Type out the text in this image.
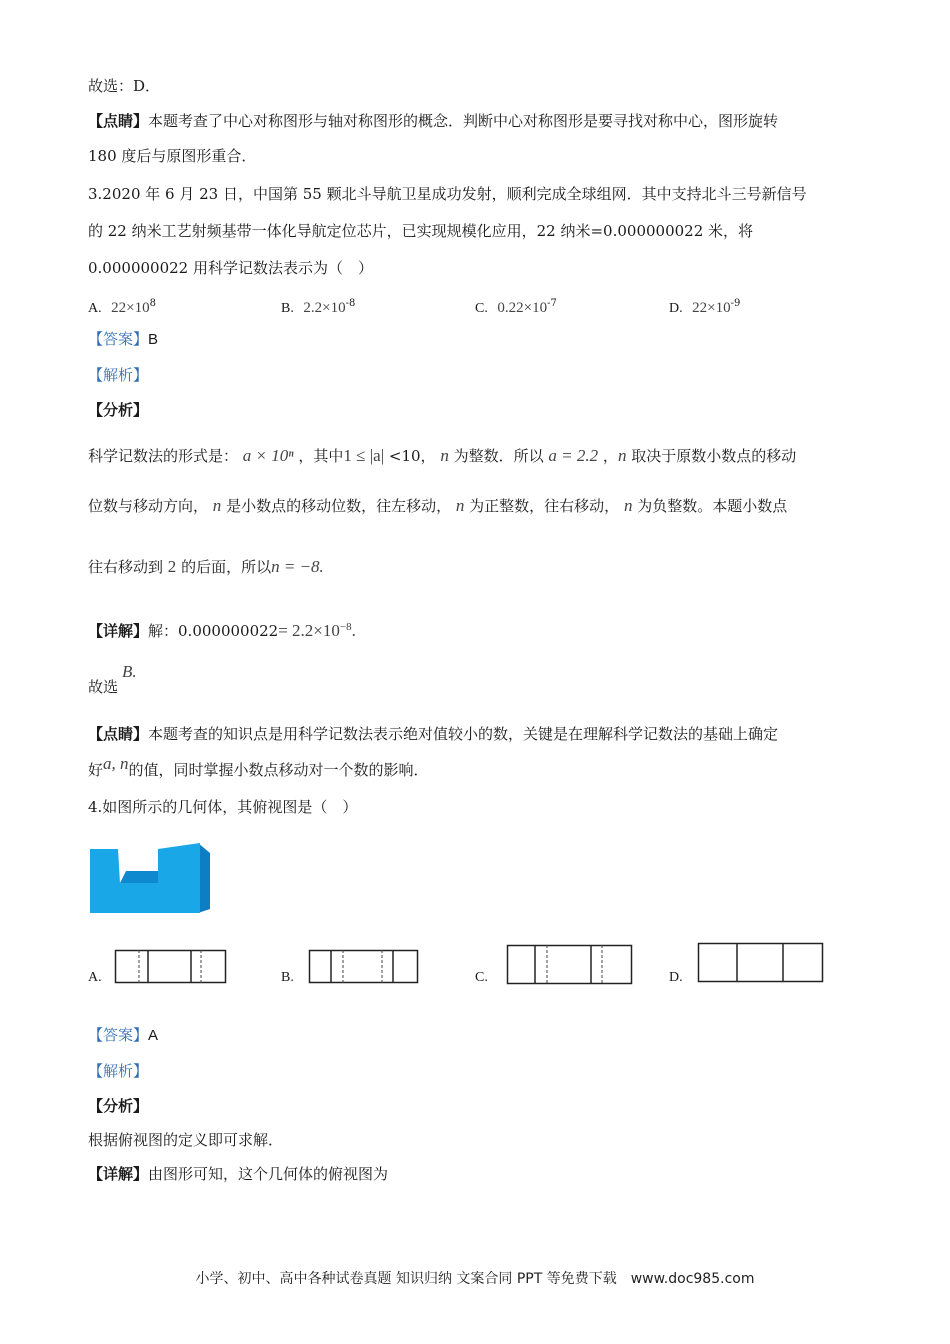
故选：D．
【点睛】本题考查了中心对称图形与轴对称图形的概念．判断中心对称图形是要寻找对称中心，图形旋转
180 度后与原图形重合．
3.2020 年 6 月 23 日，中国第 55 颗北斗导航卫星成功发射，顺利完成全球组网．其中支持北斗三号新信号
的 22 纳米工艺射频基带一体化导航定位芯片，已实现规模化应用，22 纳米=0.000000022 米，将
0.000000022 用科学记数法表示为（　）
A. $22\times 10^8$	B. $2.2\times 10^{-8}$	C. $0.22\times 10^{-7}$	D. $22\times 10^{-9}$
【答案】B
【解析】
【分析】
科学记数法的形式是： a × 10ⁿ ，其中1 ≤ |a| <10， n 为整数．所以 a = 2.2 ，n 取决于原数小数点的移动
位数与移动方向， n 是小数点的移动位数，往左移动， n 为正整数，往右移动， n 为负整数。本题小数点
往右移动到 2 的后面，所以n = −8.
【详解】解：$0.000000022= 2.2\times 10^{-8}$.
故选
B.
【点睛】本题考查的知识点是用科学记数法表示绝对值较小的数，关键是在理解科学记数法的基础上确定
好a, n的值，同时掌握小数点移动对一个数的影响．
4.如图所示的几何体，其俯视图是（　）
A.	B.	C.	D.
【答案】A
【解析】
【分析】
根据俯视图的定义即可求解．
【详解】由图形可知，这个几何体的俯视图为
小学、初中、高中各种试卷真题 知识归纳 文案合同 PPT 等免费下载　www.doc985.com
